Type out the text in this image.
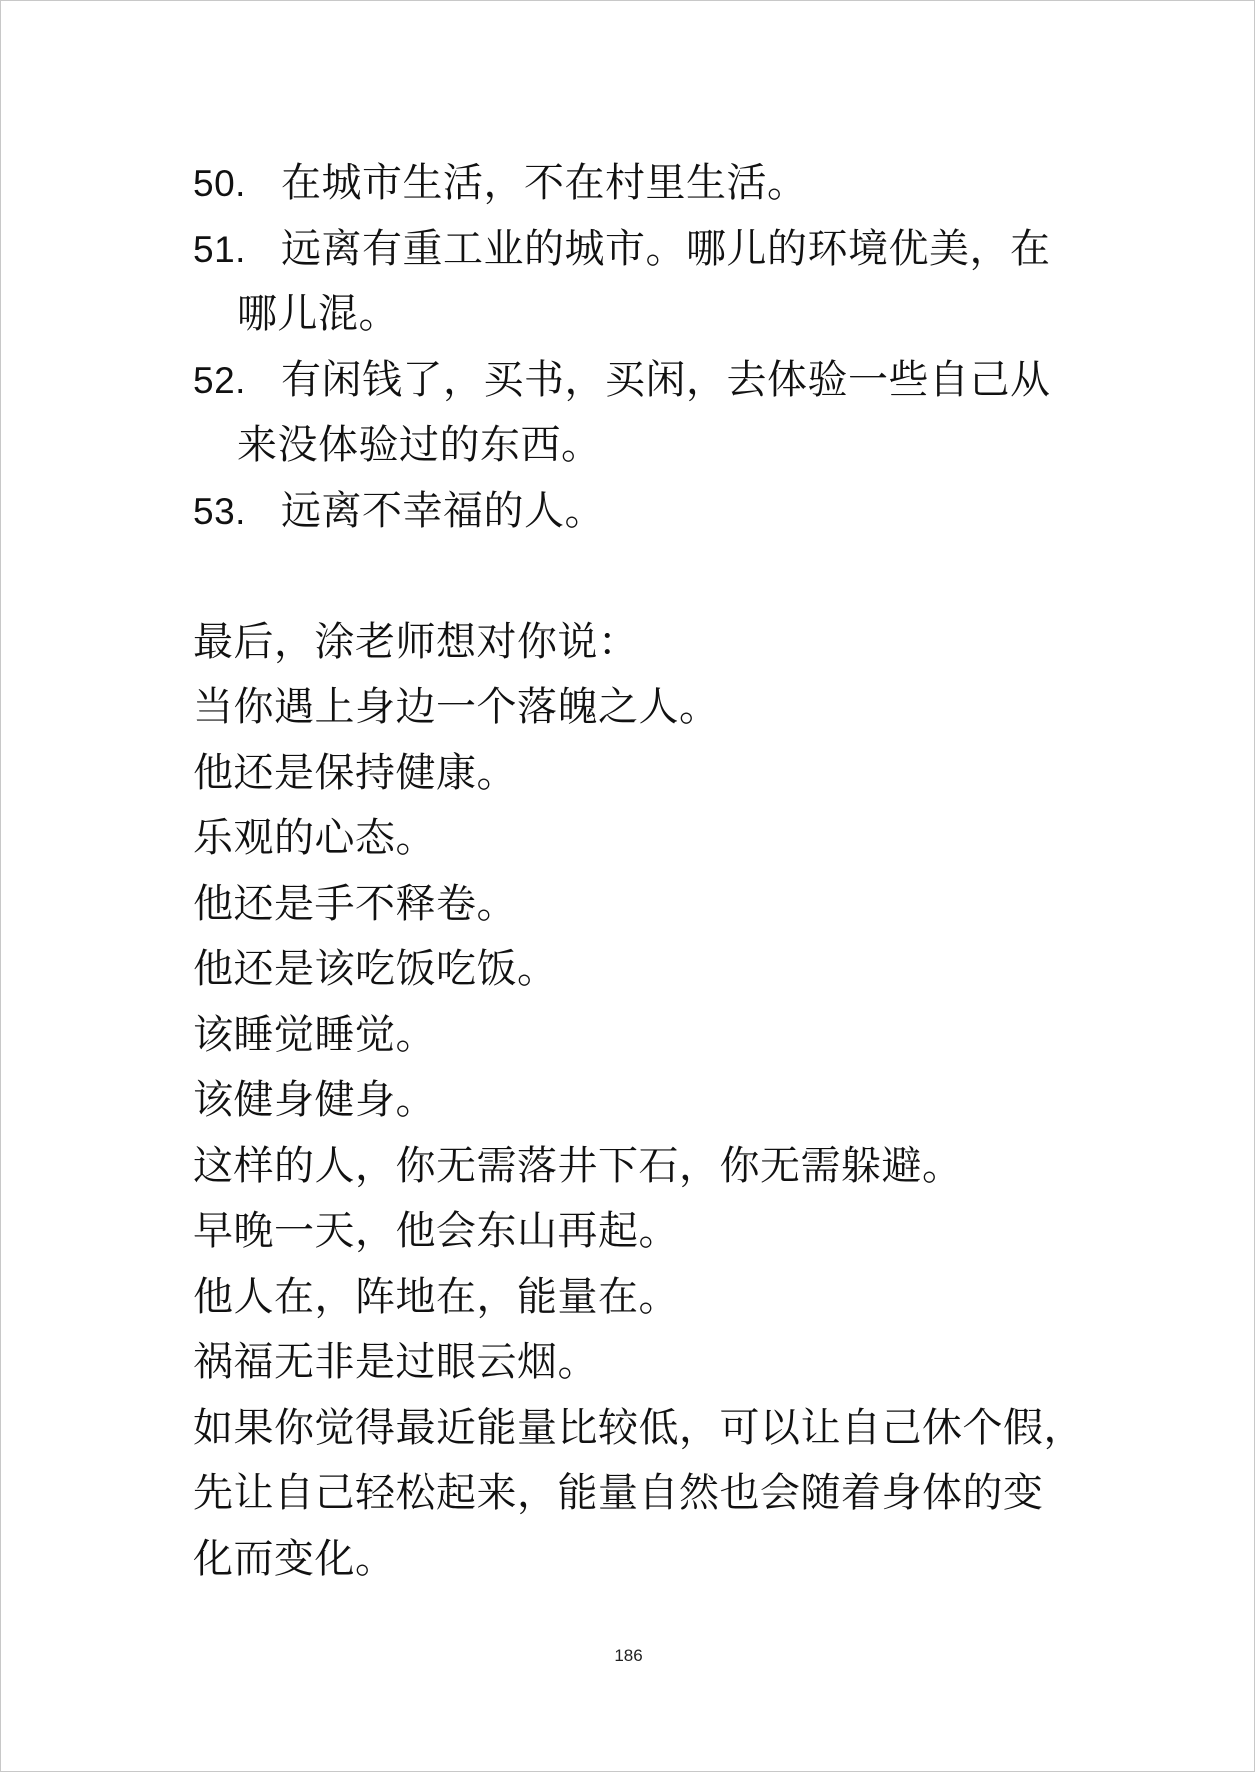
50. 在城市生活，不在村里生活。
51. 远离有重工业的城市。哪儿的环境优美，在
哪儿混。
52. 有闲钱了，买书，买闲，去体验一些自己从
来没体验过的东西。
53. 远离不幸福的人。

最后，涂老师想对你说：

当你遇上身边一个落魄之人。

他还是保持健康。

乐观的心态。

他还是手不释卷。

他还是该吃饭吃饭。

该睡觉睡觉。

该健身健身。

这样的人，你无需落井下石，你无需躲避。

早晚一天，他会东山再起。

他人在，阵地在，能量在。

祸福无非是过眼云烟。

如果你觉得最近能量比较低，可以让自己休个假，

先让自己轻松起来，能量自然也会随着身体的变

化而变化。

186
